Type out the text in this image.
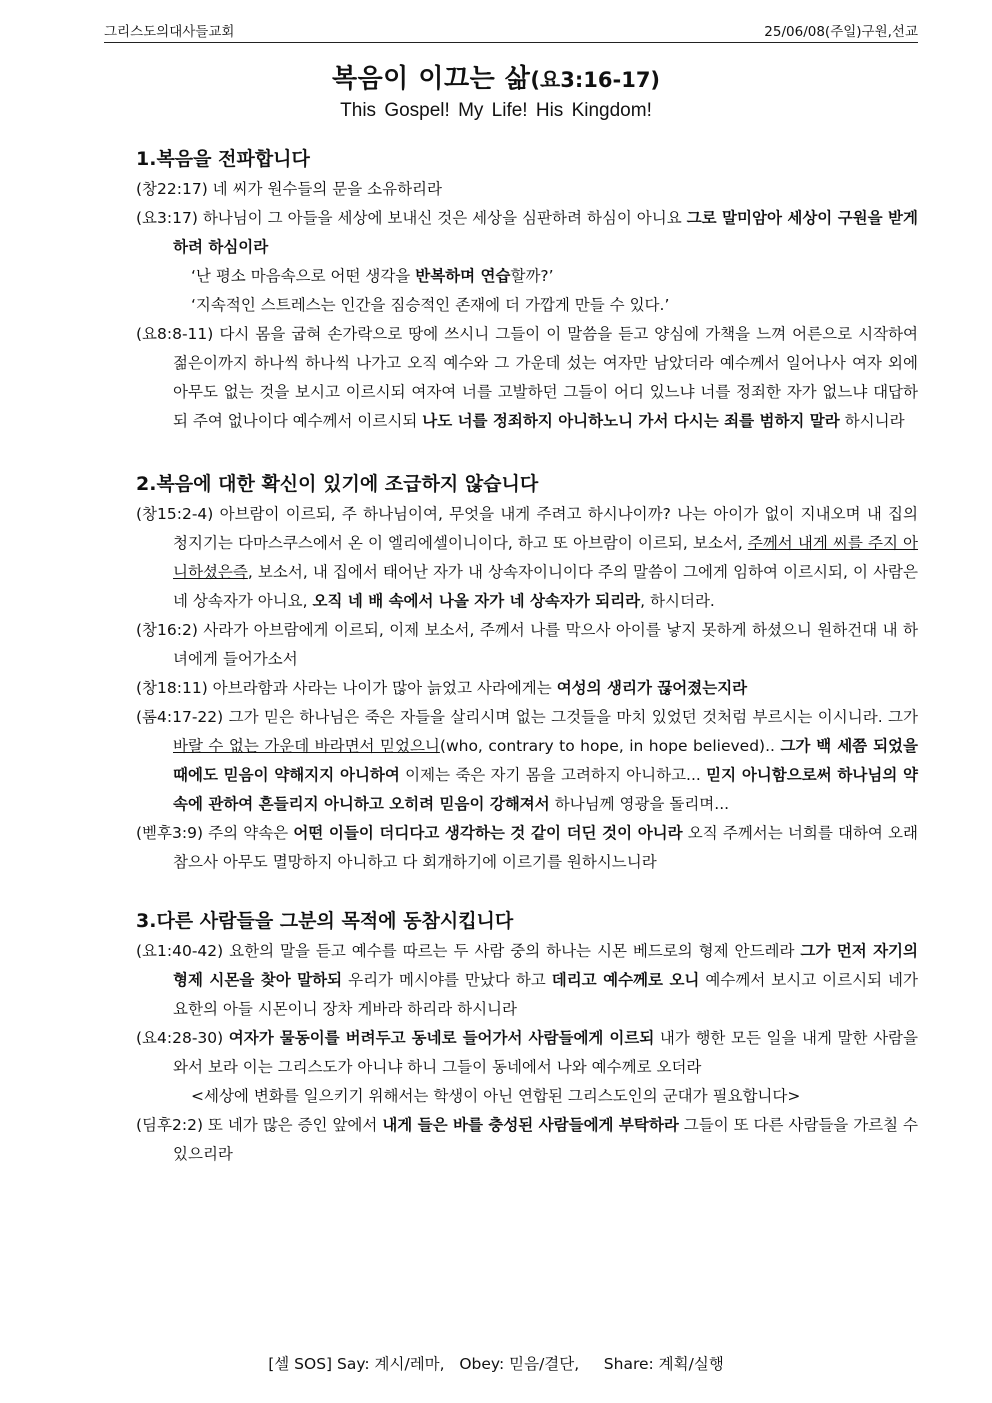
그리스도의대사들교회	25/06/08(주일)구원,선교
복음이 이끄는 삶(요3:16-17)
This Gospel! My Life! His Kingdom!
1.복음을 전파합니다
(창22:17) 네 씨가 원수들의 문을 소유하리라
(요3:17) 하나님이 그 아들을 세상에 보내신 것은 세상을 심판하려 하심이 아니요 그로 말미암아 세상이 구원을 받게 하려 하심이라
‘난 평소 마음속으로 어떤 생각을 반복하며 연습할까?’
‘지속적인 스트레스는 인간을 짐승적인 존재에 더 가깝게 만들 수 있다.’
(요8:8-11) 다시 몸을 굽혀 손가락으로 땅에 쓰시니 그들이 이 말씀을 듣고 양심에 가책을 느껴 어른으로 시작하여 젊은이까지 하나씩 하나씩 나가고 오직 예수와 그 가운데 섰는 여자만 남았더라 예수께서 일어나사 여자 외에 아무도 없는 것을 보시고 이르시되 여자여 너를 고발하던 그들이 어디 있느냐 너를 정죄한 자가 없느냐 대답하되 주여 없나이다 예수께서 이르시되 나도 너를 정죄하지 아니하노니 가서 다시는 죄를 범하지 말라 하시니라
2.복음에 대한 확신이 있기에 조급하지 않습니다
(창15:2-4) 아브람이 이르되, 주 하나님이여, 무엇을 내게 주려고 하시나이까? 나는 아이가 없이 지내오며 내 집의 청지기는 다마스쿠스에서 온 이 엘리에셀이니이다, 하고 또 아브람이 이르되, 보소서, 주께서 내게 씨를 주지 아니하셨은즉, 보소서, 내 집에서 태어난 자가 내 상속자이니이다 주의 말씀이 그에게 임하여 이르시되, 이 사람은 네 상속자가 아니요, 오직 네 배 속에서 나올 자가 네 상속자가 되리라, 하시더라.
(창16:2) 사라가 아브람에게 이르되, 이제 보소서, 주께서 나를 막으사 아이를 낳지 못하게 하셨으니 원하건대 내 하녀에게 들어가소서
(창18:11) 아브라함과 사라는 나이가 많아 늙었고 사라에게는 여성의 생리가 끊어졌는지라
(롬4:17-22) 그가 믿은 하나님은 죽은 자들을 살리시며 없는 그것들을 마치 있었던 것처럼 부르시는 이시니라. 그가 바랄 수 없는 가운데 바라면서 믿었으니(who, contrary to hope, in hope believed).. 그가 백 세쯤 되었을 때에도 믿음이 약해지지 아니하여 이제는 죽은 자기 몸을 고려하지 아니하고... 믿지 아니함으로써 하나님의 약속에 관하여 흔들리지 아니하고 오히려 믿음이 강해져서 하나님께 영광을 돌리며...
(벧후3:9) 주의 약속은 어떤 이들이 더디다고 생각하는 것 같이 더딘 것이 아니라 오직 주께서는 너희를 대하여 오래 참으사 아무도 멸망하지 아니하고 다 회개하기에 이르기를 원하시느니라
3.다른 사람들을 그분의 목적에 동참시킵니다
(요1:40-42) 요한의 말을 듣고 예수를 따르는 두 사람 중의 하나는 시몬 베드로의 형제 안드레라 그가 먼저 자기의 형제 시몬을 찾아 말하되 우리가 메시야를 만났다 하고 데리고 예수께로 오니 예수께서 보시고 이르시되 네가 요한의 아들 시몬이니 장차 게바라 하리라 하시니라
(요4:28-30) 여자가 물동이를 버려두고 동네로 들어가서 사람들에게 이르되 내가 행한 모든 일을 내게 말한 사람을 와서 보라 이는 그리스도가 아니냐 하니 그들이 동네에서 나와 예수께로 오더라
<세상에 변화를 일으키기 위해서는 학생이 아닌 연합된 그리스도인의 군대가 필요합니다>
(딤후2:2) 또 네가 많은 증인 앞에서 내게 들은 바를 충성된 사람들에게 부탁하라 그들이 또 다른 사람들을 가르칠 수 있으리라
[셀 SOS] Say: 계시/레마,   Obey: 믿음/결단,     Share: 계획/실행
